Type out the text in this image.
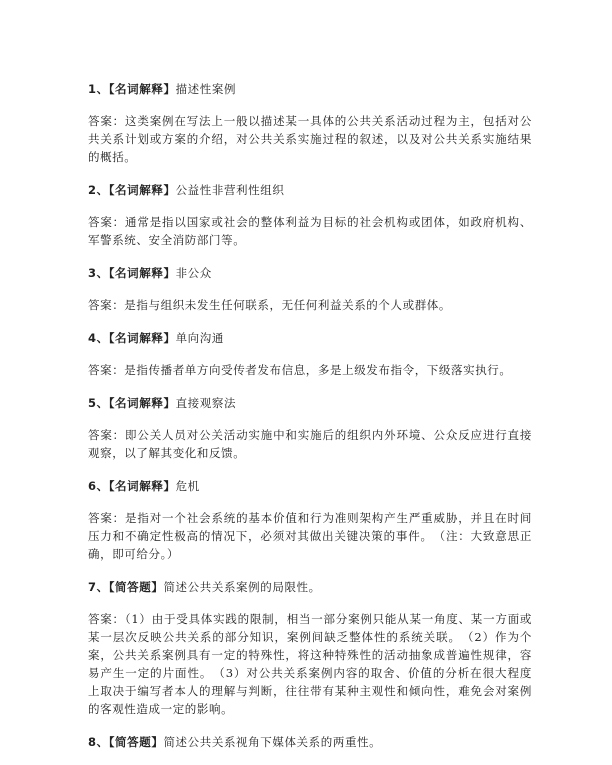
1、【名词解释】描述性案例

答案：这类案例在写法上一般以描述某一具体的公共关系活动过程为主，包括对公共关系计划或方案的介绍，对公共关系实施过程的叙述，以及对公共关系实施结果的概括。

2、【名词解释】公益性非营利性组织

答案：通常是指以国家或社会的整体利益为目标的社会机构或团体，如政府机构、军警系统、安全消防部门等。

3、【名词解释】非公众

答案：是指与组织未发生任何联系，无任何利益关系的个人或群体。

4、【名词解释】单向沟通

答案：是指传播者单方向受传者发布信息，多是上级发布指令，下级落实执行。

5、【名词解释】直接观察法

答案：即公关人员对公关活动实施中和实施后的组织内外环境、公众反应进行直接观察，以了解其变化和反馈。

6、【名词解释】危机

答案：是指对一个社会系统的基本价值和行为准则架构产生严重威胁，并且在时间压力和不确定性极高的情况下，必须对其做出关键决策的事件。　（注：大致意思正确，即可给分。）

7、【简答题】简述公共关系案例的局限性。

答案：（1）由于受具体实践的限制，相当一部分案例只能从某一角度、某一方面或某一层次反映公共关系的部分知识，案例间缺乏整体性的系统关联。　（2）作为个案，公共关系案例具有一定的特殊性，将这种特殊性的活动抽象成普遍性规律，容易产生一定的片面性。　（3）对公共关系案例内容的取舍、价值的分析在很大程度上取决于编写者本人的理解与判断，往往带有某种主观性和倾向性，难免会对案例的客观性造成一定的影响。

8、【简答题】简述公共关系视角下媒体关系的两重性。
